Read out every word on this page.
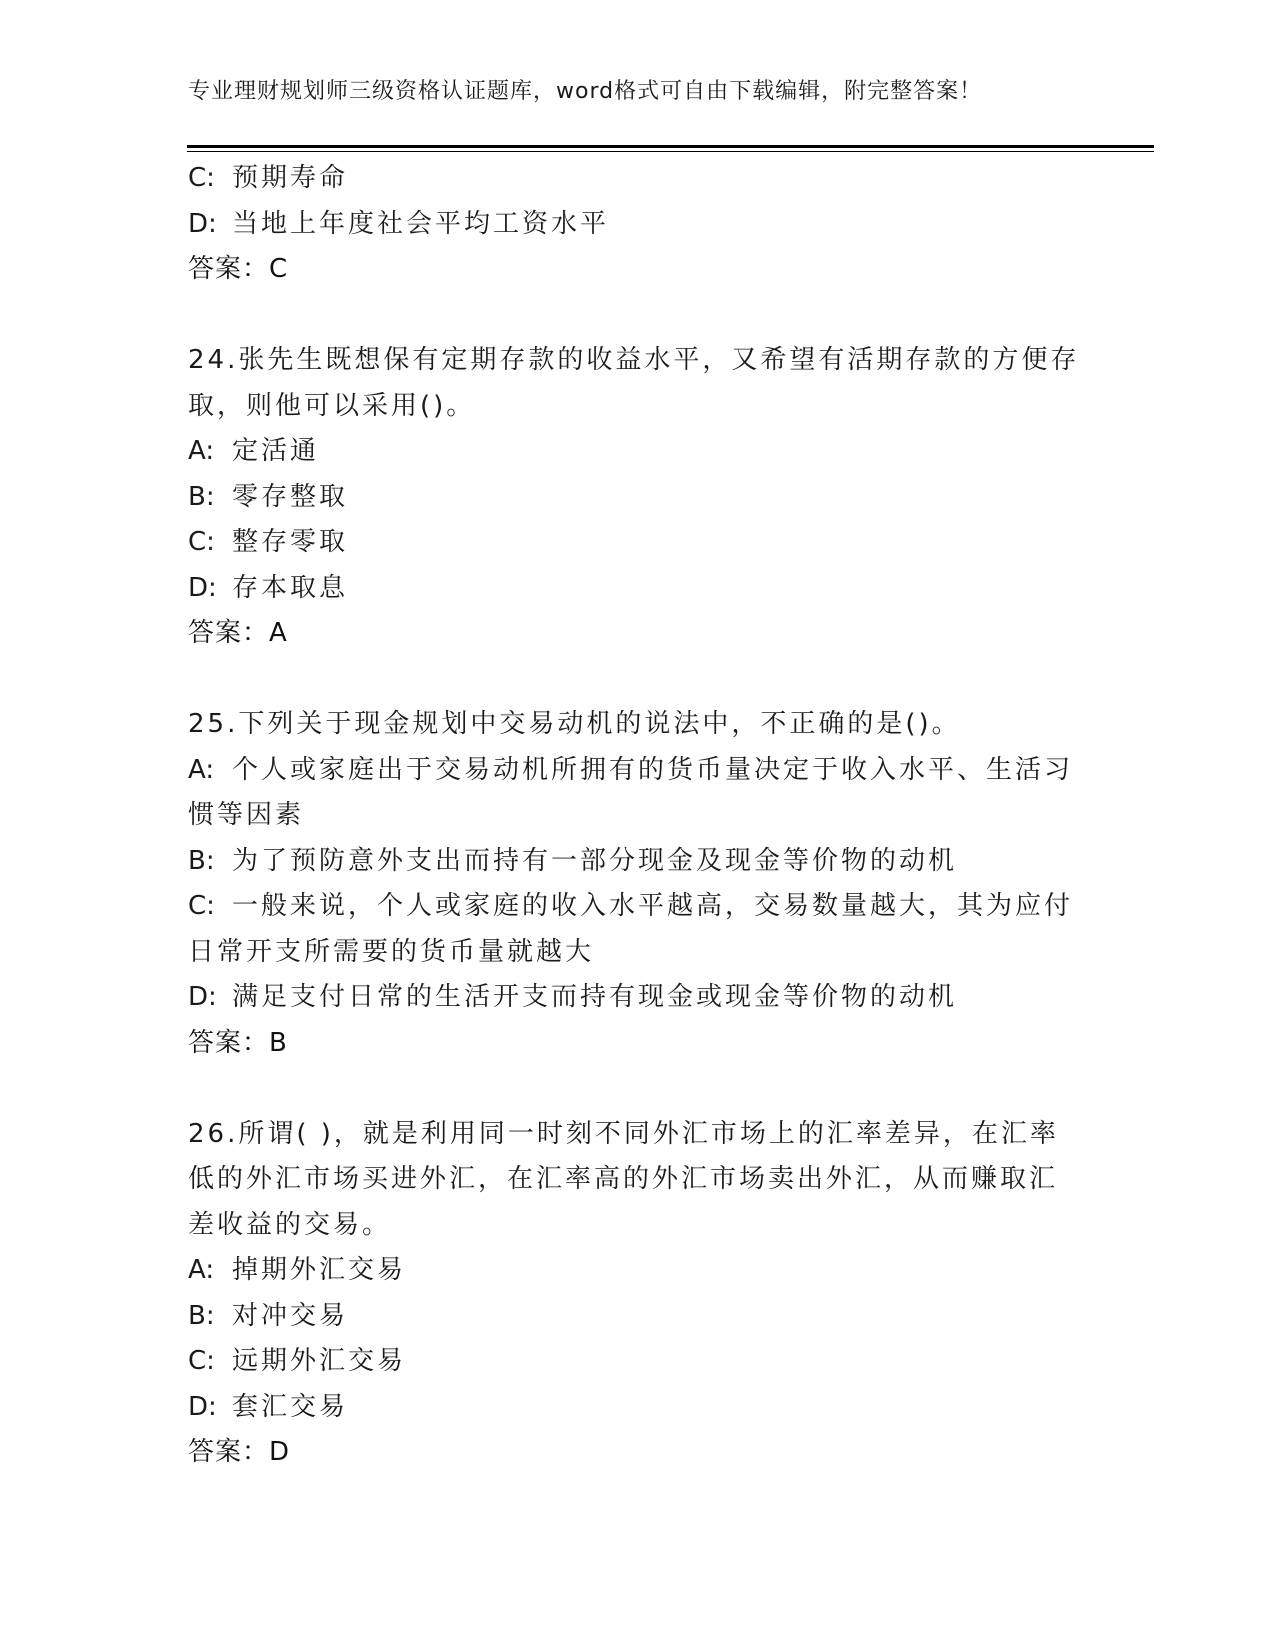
专业理财规划师三级资格认证题库，word格式可自由下载编辑，附完整答案！
C: 预期寿命
D: 当地上年度社会平均工资水平
答案：C
24.张先生既想保有定期存款的收益水平，又希望有活期存款的方便存
取，则他可以采用()。
A: 定活通
B: 零存整取
C: 整存零取
D: 存本取息
答案：A
25.下列关于现金规划中交易动机的说法中，不正确的是()。
A: 个人或家庭出于交易动机所拥有的货币量决定于收入水平、生活习
惯等因素
B: 为了预防意外支出而持有一部分现金及现金等价物的动机
C: 一般来说，个人或家庭的收入水平越高，交易数量越大，其为应付
日常开支所需要的货币量就越大
D: 满足支付日常的生活开支而持有现金或现金等价物的动机
答案：B
26.所谓( )，就是利用同一时刻不同外汇市场上的汇率差异，在汇率
低的外汇市场买进外汇，在汇率高的外汇市场卖出外汇，从而赚取汇
差收益的交易。
A: 掉期外汇交易
B: 对冲交易
C: 远期外汇交易
D: 套汇交易
答案：D
